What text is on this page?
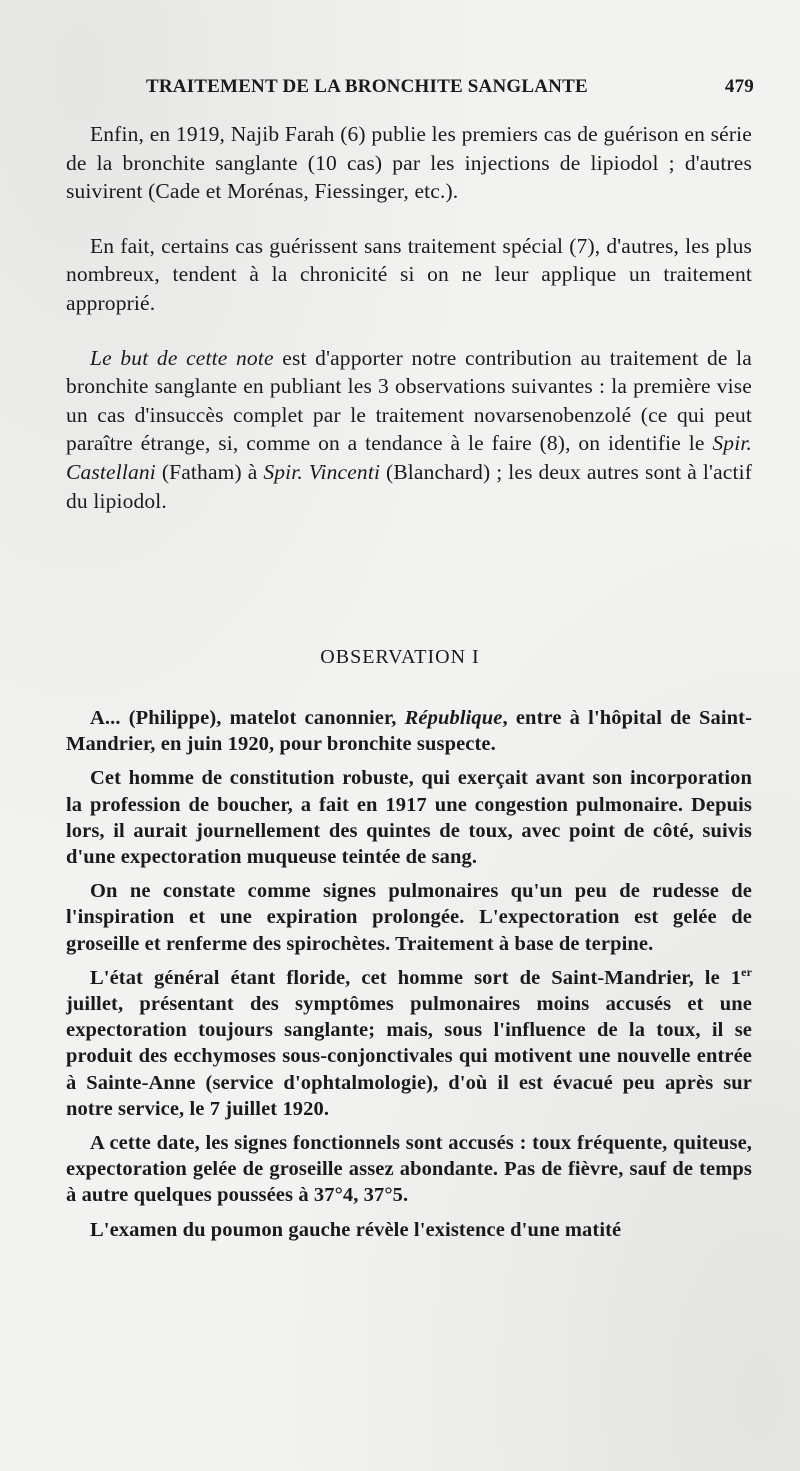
TRAITEMENT DE LA BRONCHITE SANGLANTE	479

Enfin, en 1919, Najib Farah (6) publie les premiers cas de guérison en série de la bronchite sanglante (10 cas) par les injections de lipiodol ; d'autres suivirent (Cade et Morénas, Fiessinger, etc.).

En fait, certains cas guérissent sans traitement spécial (7), d'autres, les plus nombreux, tendent à la chronicité si on ne leur applique un traitement approprié.

Le but de cette note est d'apporter notre contribution au traitement de la bronchite sanglante en publiant les 3 observations suivantes : la première vise un cas d'insuccès complet par le traitement novarsenobenzolé (ce qui peut paraître étrange, si, comme on a tendance à le faire (8), on identifie le Spir. Castellani (Fatham) à Spir. Vincenti (Blanchard) ; les deux autres sont à l'actif du lipiodol.

OBSERVATION I

A... (Philippe), matelot canonnier, République, entre à l'hôpital de Saint-Mandrier, en juin 1920, pour bronchite suspecte.

Cet homme de constitution robuste, qui exerçait avant son incorporation la profession de boucher, a fait en 1917 une congestion pulmonaire. Depuis lors, il aurait journellement des quintes de toux, avec point de côté, suivis d'une expectoration muqueuse teintée de sang.

On ne constate comme signes pulmonaires qu'un peu de rudesse de l'inspiration et une expiration prolongée. L'expectoration est gelée de groseille et renferme des spirochètes. Traitement à base de terpine.

L'état général étant floride, cet homme sort de Saint-Mandrier, le 1er juillet, présentant des symptômes pulmonaires moins accusés et une expectoration toujours sanglante; mais, sous l'influence de la toux, il se produit des ecchymoses sous-conjonctivales qui motivent une nouvelle entrée à Sainte-Anne (service d'ophtalmologie), d'où il est évacué peu après sur notre service, le 7 juillet 1920.

A cette date, les signes fonctionnels sont accusés : toux fréquente, quiteuse, expectoration gelée de groseille assez abondante. Pas de fièvre, sauf de temps à autre quelques poussées à 37°4, 37°5.

L'examen du poumon gauche révèle l'existence d'une matité
